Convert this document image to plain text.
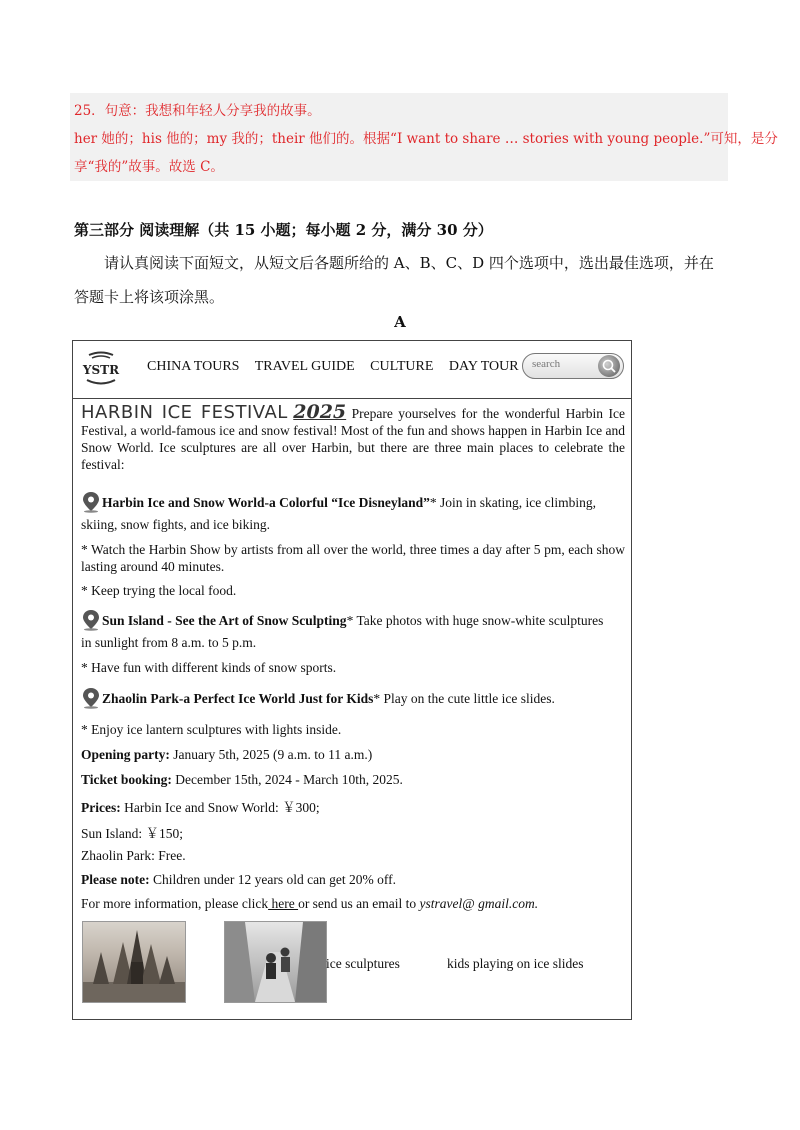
25．句意：我想和年轻人分享我的故事。
her 她的；his 他的；my 我的；their 他们的。根据“I want to share … stories with young people.”可知，是分
享“我的”故事。故选 C。
第三部分 阅读理解（共 15 小题；每小题 2 分，满分 30 分）
请认真阅读下面短文，从短文后各题所给的 A、B、C、D 四个选项中，选出最佳选项，并在答题卡上将该项涂黑。
A
YSTR CHINA TOURS TRAVEL GUIDE CULTURE DAY TOUR	search

HARBIN ICE FESTIVAL 2025 Prepare yourselves for the wonderful Harbin Ice Festival, a world-famous ice and snow festival! Most of the fun and shows happen in Harbin Ice and Snow World. Ice sculptures are all over Harbin, but there are three main places to celebrate the festival:

Harbin Ice and Snow World-a Colorful “Ice Disneyland”* Join in skating, ice climbing,
skiing, snow fights, and ice biking.

* Watch the Harbin Show by artists from all over the world, three times a day after 5 pm, each show lasting around 40 minutes.

* Keep trying the local food.
Sun Island - See the Art of Snow Sculpting* Take photos with huge snow-white sculptures
in sunlight from 8 a.m. to 5 p.m.
* Have fun with different kinds of snow sports.
Zhaolin Park-a Perfect Ice World Just for Kids* Play on the cute little ice slides.
* Enjoy ice lantern sculptures with lights inside.
Opening party: January 5th, 2025 (9 a.m. to 11 a.m.)
Ticket booking: December 15th, 2024 - March 10th, 2025.
Prices: Harbin Ice and Snow World: ￥300;
Sun Island: ￥150;
Zhaolin Park: Free.
Please note: Children under 12 years old can get 20% off.
For more information, please click here or send us an email to ystravel@ gmail.com.
ice sculptures	kids playing on ice slides
